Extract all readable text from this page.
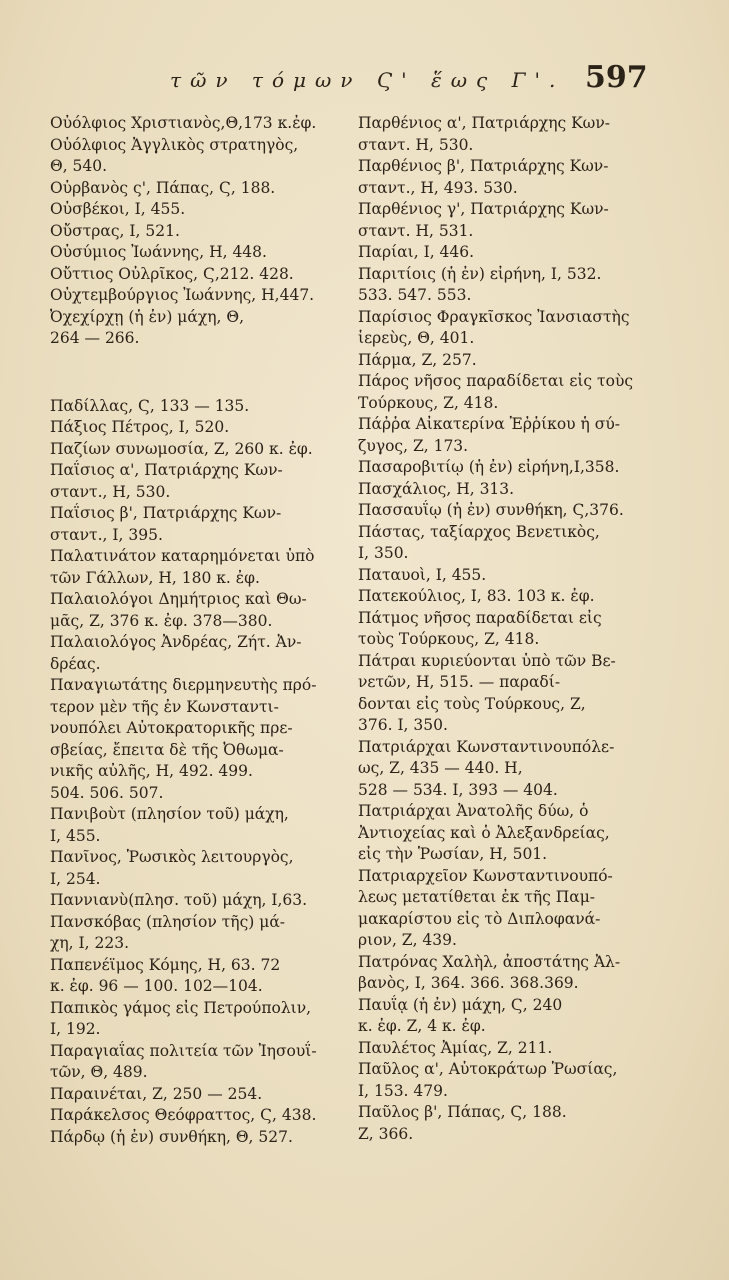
τῶν τόμων Ϛ' ἕως Γ'. 597
Οὐόλφιος Χριστιανὸς,Θ,173 κ.ἐφ.
Οὐόλφιος Ἀγγλικὸς στρατηγὸς,
Θ, 540.
Οὐρβανὸς ς', Πάπας, Ϛ, 188.
Οὐσβέκοι, Ι, 455.
Οὔστρας, Ι, 521.
Οὐσύμιος Ἰωάννης, Η, 448.
Οὔττιος Οὐλρῖκος, Ϛ,212. 428.
Οὐχτεμβούργιος Ἰωάννης, Η,447.
Ὀχεχίρχῃ (ἡ ἐν) μάχη, Θ,
264 — 266.
Παδίλλας, Ϛ, 133 — 135.
Πάξιος Πέτρος, Ι, 520.
Παζίων συνωμοσία, Ζ, 260 κ. ἐφ.
Παΐσιος α', Πατριάρχης Κων-
σταντ., Η, 530.
Παΐσιος β', Πατριάρχης Κων-
σταντ., Ι, 395.
Παλατινάτον καταρημόνεται ὑπὸ
τῶν Γάλλων, Η, 180 κ. ἐφ.
Παλαιολόγοι Δημήτριος καὶ Θω-
μᾶς, Ζ, 376 κ. ἐφ. 378—380.
Παλαιολόγος Ἀνδρέας, Ζήτ. Ἀν-
δρέας.
Παναγιωτάτης διερμηνευτὴς πρό-
τερον μὲν τῆς ἐν Κωνσταντι-
νουπόλει Αὐτοκρατορικῆς πρε-
σβείας, ἔπειτα δὲ τῆς Ὀθωμα-
νικῆς αὐλῆς, Η, 492. 499.
504. 506. 507.
Πανιβοὺτ (πλησίον τοῦ) μάχη,
Ι, 455.
Πανῖνος, Ῥωσικὸς λειτουργὸς,
Ι, 254.
Παννιανὺ(πλησ. τοῦ) μάχη, Ι,63.
Πανσκόβας (πλησίον τῆς) μά-
χη, Ι, 223.
Παπενέϊμος Κόμης, Η, 63. 72
κ. ἐφ. 96 — 100. 102—104.
Παπικὸς γάμος εἰς Πετρούπολιν,
Ι, 192.
Παραγιαΐας πολιτεία τῶν Ἰησουΐ-
τῶν, Θ, 489.
Παραινέται, Ζ, 250 — 254.
Παράκελσος Θεόφραττος, Ϛ, 438.
Πάρδῳ (ἡ ἐν) συνθήκη, Θ, 527.
Παρθένιος α', Πατριάρχης Κων-
σταντ. Η, 530.
Παρθένιος β', Πατριάρχης Κων-
σταντ., Η, 493. 530.
Παρθένιος γ', Πατριάρχης Κων-
σταντ. Η, 531.
Παρίαι, Ι, 446.
Παριτίοις (ἡ ἐν) εἰρήνη, Ι, 532.
533. 547. 553.
Παρίσιος Φραγκῖσκος Ἰανσιαστὴς
ἱερεὺς, Θ, 401.
Πάρμα, Ζ, 257.
Πάρος νῆσος παραδίδεται εἰς τοὺς
Τούρκους, Ζ, 418.
Πάῤῥα Αἰκατερίνα Ἐῤῥίκου ἡ σύ-
ζυγος, Ζ, 173.
Πασαροβιτίῳ (ἡ ἐν) εἰρήνη,Ι,358.
Πασχάλιος, Η, 313.
Πασσαυΐῳ (ἡ ἐν) συνθήκη, Ϛ,376.
Πάστας, ταξίαρχος Βενετικὸς,
Ι, 350.
Παταυοὶ, Ι, 455.
Πατεκούλιος, Ι, 83. 103 κ. ἐφ.
Πάτμος νῆσος παραδίδεται εἰς
τοὺς Τούρκους, Ζ, 418.
Πάτραι κυριεύονται ὑπὸ τῶν Βε-
νετῶν, Η, 515. — παραδί-
δονται εἰς τοὺς Τούρκους, Ζ,
376. Ι, 350.
Πατριάρχαι Κωνσταντινουπόλε-
ως, Ζ, 435 — 440. Η,
528 — 534. Ι, 393 — 404.
Πατριάρχαι Ἀνατολῆς δύω, ὁ
Ἀντιοχείας καὶ ὁ Ἀλεξανδρείας,
εἰς τὴν Ῥωσίαν, Η, 501.
Πατριαρχεῖον Κωνσταντινουπό-
λεως μετατίθεται ἐκ τῆς Παμ-
μακαρίστου εἰς τὸ Διπλοφανά-
ριον, Ζ, 439.
Πατρόνας Χαλὴλ, ἀποστάτης Ἀλ-
βανὸς, Ι, 364. 366. 368.369.
Παυΐᾳ (ἡ ἐν) μάχη, Ϛ, 240
κ. ἐφ. Ζ, 4 κ. ἐφ.
Παυλέτος Ἀμίας, Ζ, 211.
Παῦλος α', Αὐτοκράτωρ Ῥωσίας,
Ι, 153. 479.
Παῦλος β', Πάπας, Ϛ, 188.
Ζ, 366.
